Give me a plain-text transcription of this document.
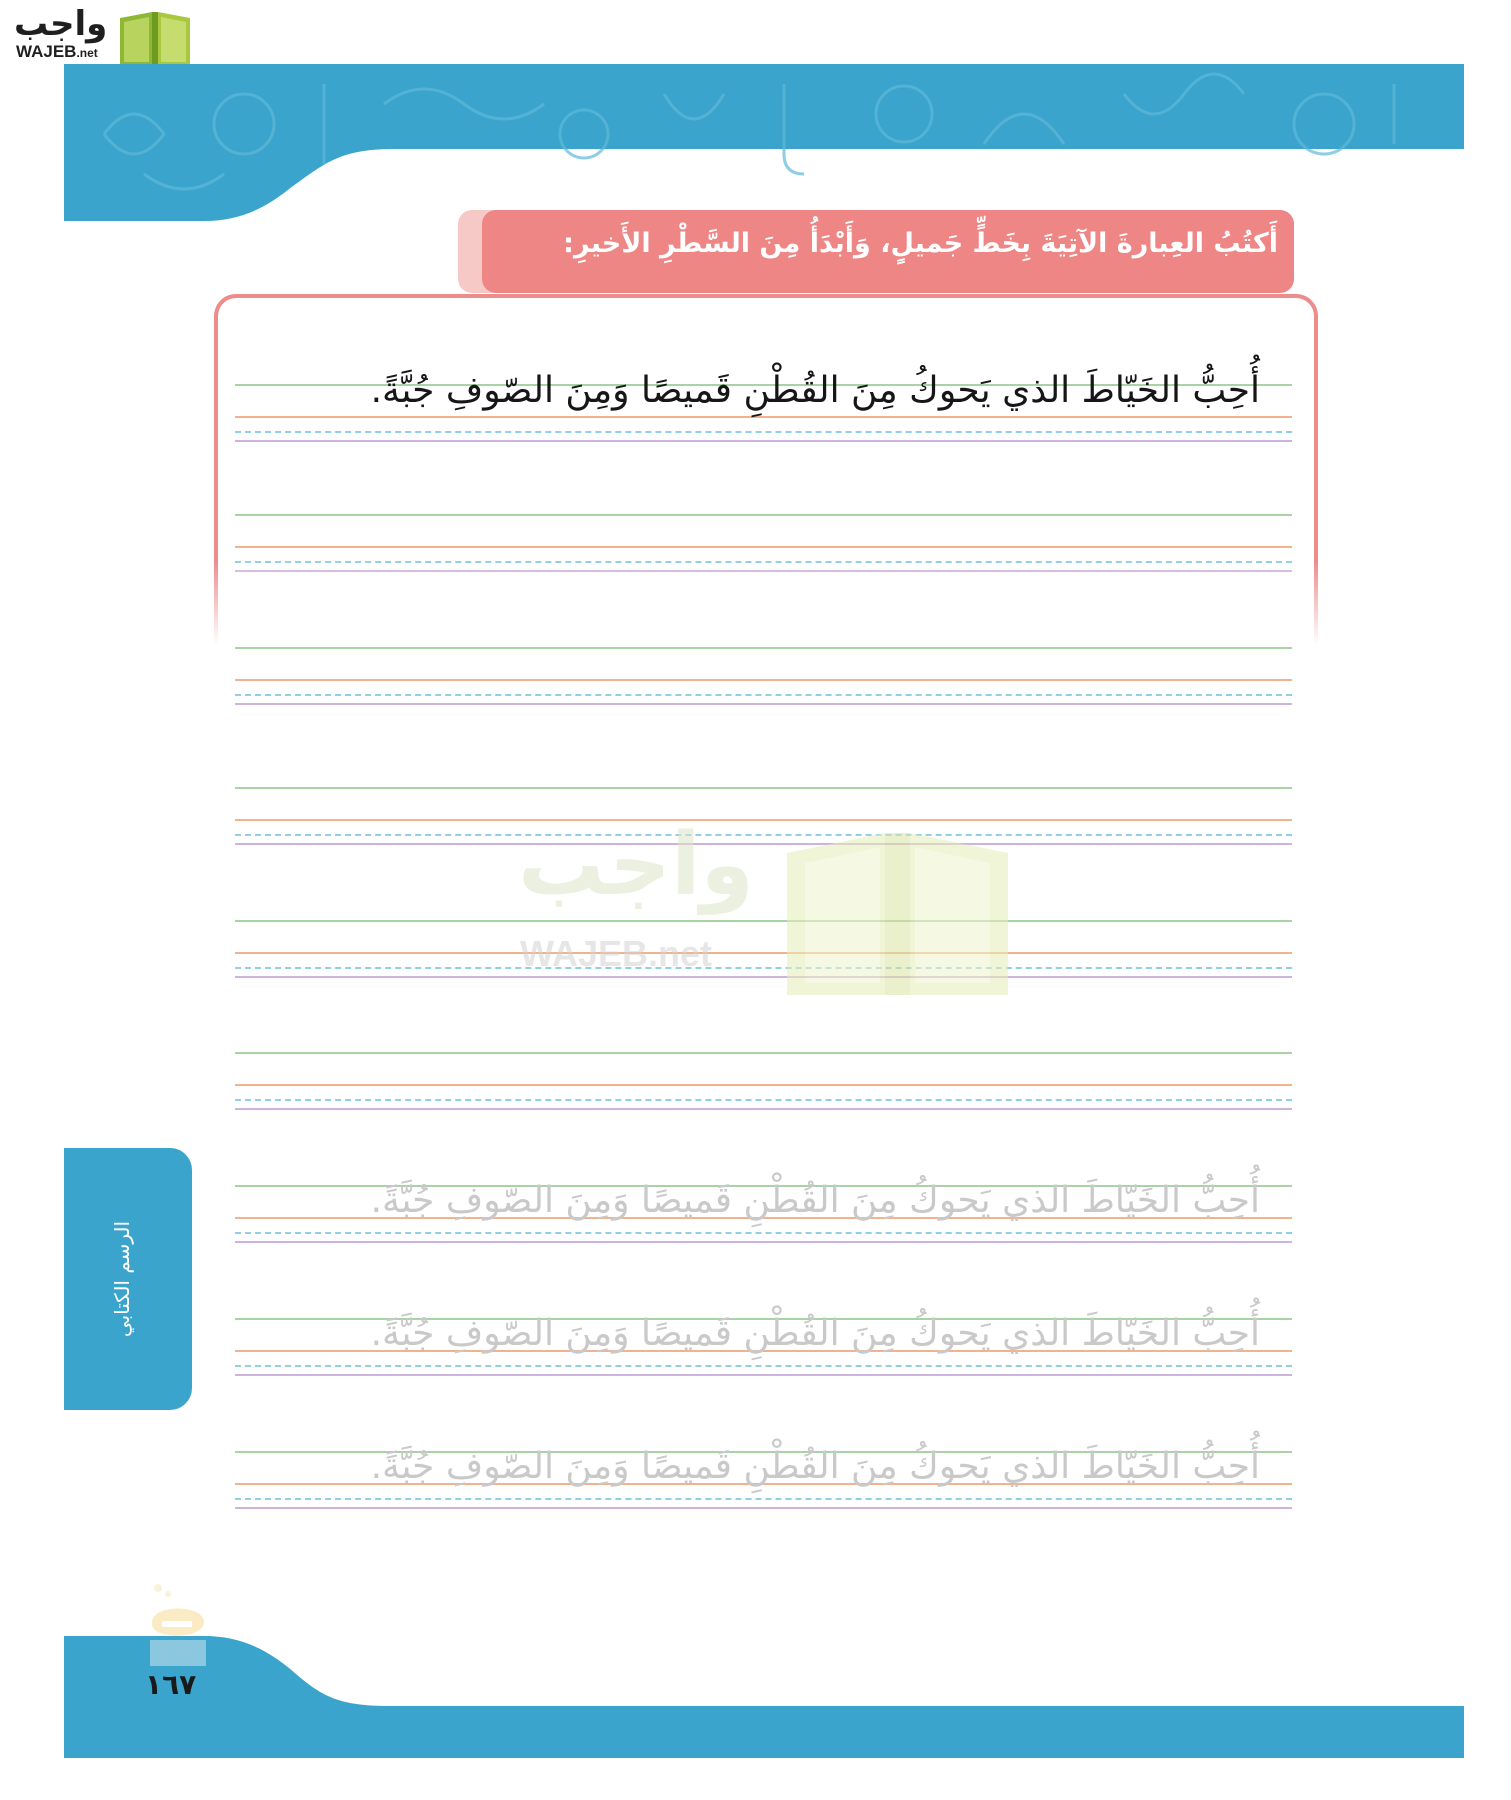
واجب
WAJEB.net
أَكتُبُ العِبارةَ الآتِيَةَ بِخَطٍّ جَميلٍ، وَأَبْدَأُ مِنَ السَّطْرِ الأَخيرِ:
أُحِبُّ الخَيّاطَ الذي يَحوكُ مِنَ القُطْنِ قَميصًا وَمِنَ الصّوفِ جُبَّةً.
أُحِبُّ الخَيّاطَ الذي يَحوكُ مِنَ القُطْنِ قَميصًا وَمِنَ الصّوفِ جُبَّةً.
أُحِبُّ الخَيّاطَ الذي يَحوكُ مِنَ القُطْنِ قَميصًا وَمِنَ الصّوفِ جُبَّةً.
أُحِبُّ الخَيّاطَ الذي يَحوكُ مِنَ القُطْنِ قَميصًا وَمِنَ الصّوفِ جُبَّةً.
واجب
WAJEB.net
الرسم الكتابي
١٦٧
